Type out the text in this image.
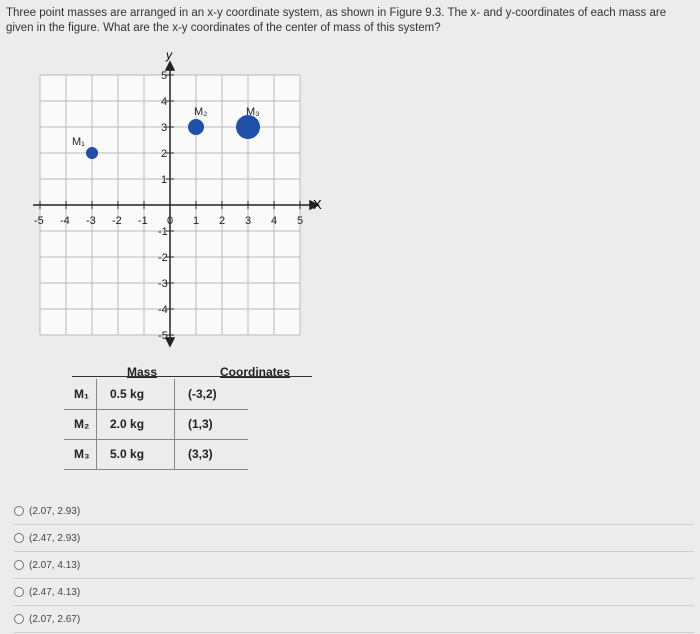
Three point masses are arranged in an x-y coordinate system, as shown in Figure 9.3. The x- and y-coordinates of each mass are given in the figure. What are the x-y coordinates of the center of mass of this system?

-5 -4 -3 -2 -1 0 1 2 3 4 5
5
4
3
2
1
-1
-2
-3
-4
-5
M₁
M₂	M₃
X
y
Mass	Coordinates
M₁ 0.5 kg	(-3,2)
M₂ 2.0 kg	(1,3)
M₃ 5.0 kg	(3,3)
(2.07, 2.93)
(2.47, 2.93)
(2.07, 4.13)
(2.47, 4.13)
(2.07, 2.67)
